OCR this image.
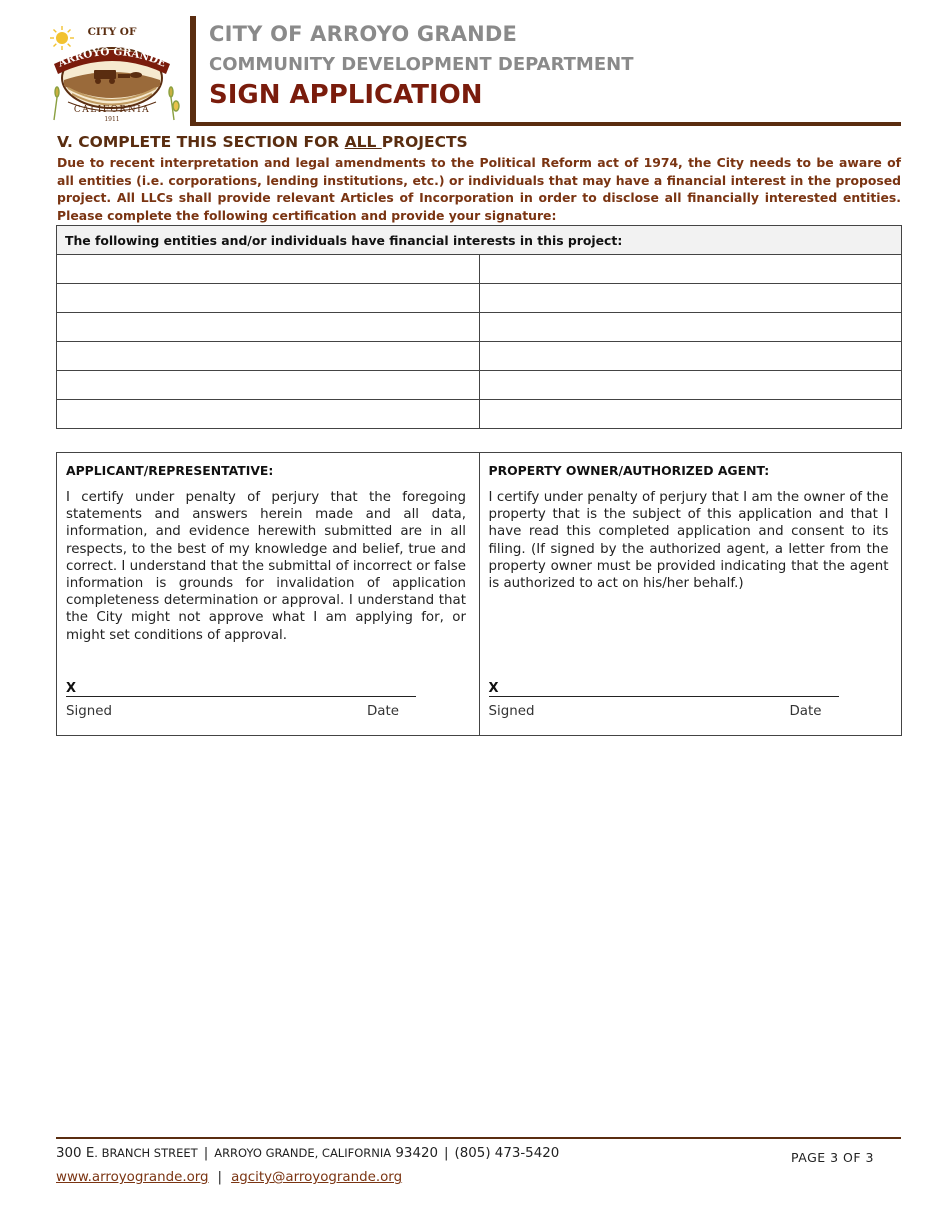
CITY OF
ARROYO GRANDE
CALIFORNIA
1911
CITY OF ARROYO GRANDE
COMMUNITY DEVELOPMENT DEPARTMENT
SIGN APPLICATION
V. COMPLETE THIS SECTION FOR ALL PROJECTS
Due to recent interpretation and legal amendments to the Political Reform act of 1974, the City needs to be aware of all entities (i.e. corporations, lending institutions, etc.) or individuals that may have a financial interest in the proposed project. All LLCs shall provide relevant Articles of Incorporation in order to disclose all financially interested entities. Please complete the following certification and provide your signature:
The following entities and/or individuals have financial interests in this project:	

APPLICANT/REPRESENTATIVE:
I certify under penalty of perjury that the foregoing statements and answers herein made and all data, information, and evidence herewith submitted are in all respects, to the best of my knowledge and belief, true and correct. I understand that the submittal of incorrect or false information is grounds for invalidation of application completeness determination or approval. I understand that the City might not approve what I am applying for, or might set conditions of approval.
X
Signed	Date

PROPERTY OWNER/AUTHORIZED AGENT:
I certify under penalty of perjury that I am the owner of the property that is the subject of this application and that I have read this completed application and consent to its filing. (If signed by the authorized agent, a letter from the property owner must be provided indicating that the agent is authorized to act on his/her behalf.)
X
Signed	Date
300 E. BRANCH STREET | ARROYO GRANDE, CALIFORNIA 93420 | (805) 473-5420
www.arroyogrande.org | agcity@arroyogrande.org
PAGE 3 OF 3
